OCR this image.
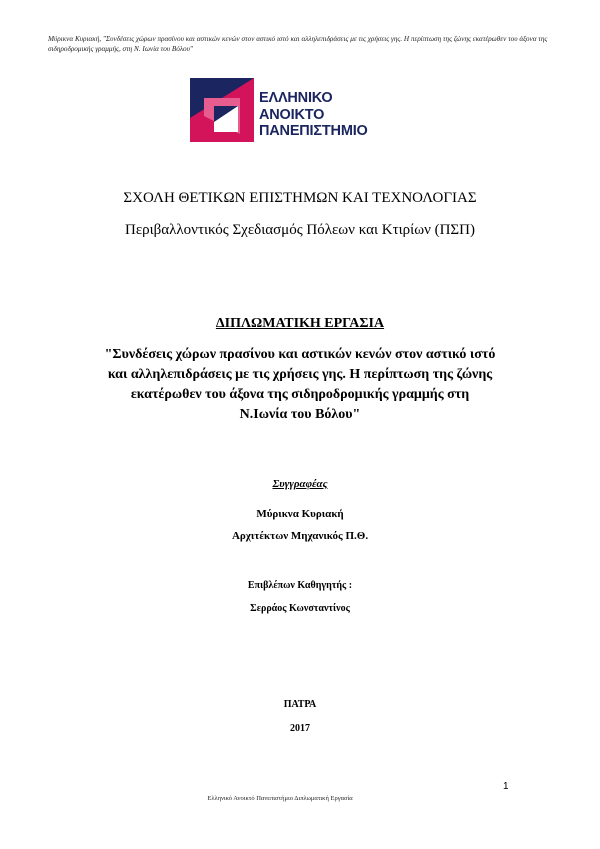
Μύρικνα Κυριακή, "Συνδέσεις χώρων πρασίνου και αστικών κενών στον αστικό ιστό και αλληλεπιδράσεις με τις χρήσεις γης. Η περίπτωση της ζώνης εκατέρωθεν του άξονα της σιδηροδρομικής γραμμής, στη Ν. Ιωνία του Βόλου"
ΕΛΛΗΝΙΚΟ
ΑΝΟΙΚΤΟ
ΠΑΝΕΠΙΣΤΗΜΙΟ
ΣΧΟΛΗ ΘΕΤΙΚΩΝ ΕΠΙΣΤΗΜΩΝ ΚΑΙ ΤΕΧΝΟΛΟΓΙΑΣ
Περιβαλλοντικός Σχεδιασμός Πόλεων και Κτιρίων (ΠΣΠ)
ΔΙΠΛΩΜΑΤΙΚΗ ΕΡΓΑΣΙΑ
"Συνδέσεις χώρων πρασίνου και αστικών κενών στον αστικό ιστό
και αλληλεπιδράσεις με τις χρήσεις γης. Η περίπτωση της ζώνης
εκατέρωθεν του άξονα της σιδηροδρομικής γραμμής στη
Ν.Ιωνία του Βόλου"
Συγγραφέας
Μύρικνα Κυριακή
Αρχιτέκτων Μηχανικός Π.Θ.
Επιβλέπων Καθηγητής :
Σερράος Κωνσταντίνος
ΠΑΤΡΑ
2017
1
Ελληνικό Ανοικτό Πανεπιστήμιο Διπλωματική Εργασία
